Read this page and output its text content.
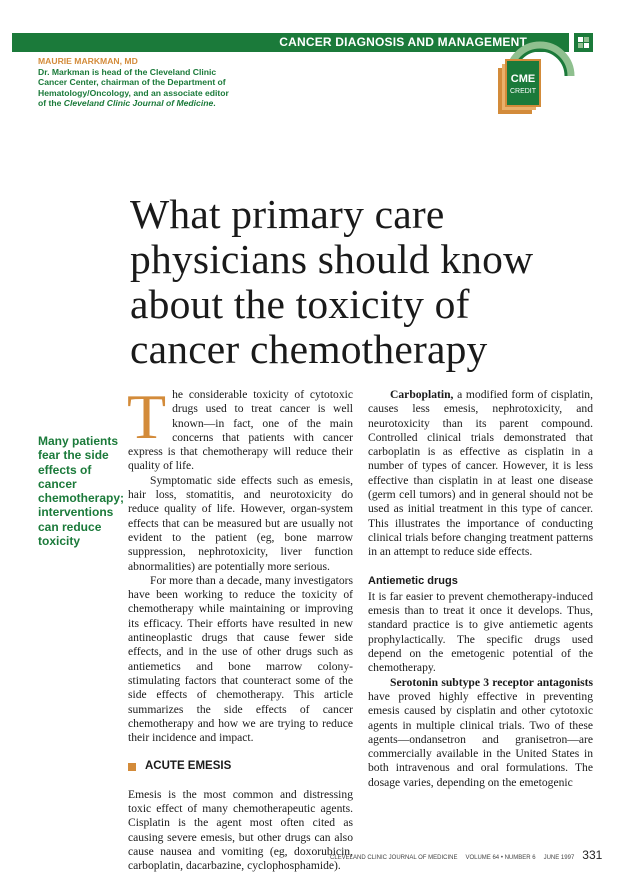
CANCER DIAGNOSIS AND MANAGEMENT
MAURIE MARKMAN, MD
Dr. Markman is head of the Cleveland Clinic Cancer Center, chairman of the Department of Hematology/Oncology, and an associate editor of the Cleveland Clinic Journal of Medicine.
CME
CREDIT
What primary care physicians should know about the toxicity of cancer chemotherapy
Many patients fear the side effects of cancer chemotherapy; interventions can reduce toxicity

The considerable toxicity of cytotoxic drugs used to treat cancer is well known—in fact, one of the main concerns that patients with cancer express is that chemotherapy will reduce their quality of life.

Symptomatic side effects such as emesis, hair loss, stomatitis, and neurotoxicity do reduce quality of life. However, organ-system effects that can be measured but are usually not evident to the patient (eg, bone marrow suppression, nephrotoxicity, liver function abnormalities) are potentially more serious.

For more than a decade, many investigators have been working to reduce the toxicity of chemotherapy while maintaining or improving its efficacy. Their efforts have resulted in new antineoplastic drugs that cause fewer side effects, and in the use of other drugs such as antiemetics and bone marrow colony-stimulating factors that counteract some of the side effects of chemotherapy. This article summarizes the side effects of cancer chemotherapy and how we are trying to reduce their incidence and impact.

ACUTE EMESIS

Emesis is the most common and distressing toxic effect of many chemotherapeutic agents. Cisplatin is the agent most often cited as causing severe emesis, but other drugs can also cause nausea and vomiting (eg, doxorubicin, carboplatin, dacarbazine, cyclophosphamide).

Carboplatin, a modified form of cisplatin, causes less emesis, nephrotoxicity, and neurotoxicity than its parent compound. Controlled clinical trials demonstrated that carboplatin is as effective as cisplatin in a number of types of cancer. However, it is less effective than cisplatin in at least one disease (germ cell tumors) and in general should not be used as initial treatment in this type of cancer. This illustrates the importance of conducting clinical trials before changing treatment patterns in an attempt to reduce side effects.

Antiemetic drugs

It is far easier to prevent chemotherapy-induced emesis than to treat it once it develops. Thus, standard practice is to give antiemetic agents prophylactically. The specific drugs used depend on the emetogenic potential of the chemotherapy.

Serotonin subtype 3 receptor antagonists have proved highly effective in preventing emesis caused by cisplatin and other cytotoxic agents in multiple clinical trials. Two of these agents—ondansetron and granisetron—are commercially available in the United States in both intravenous and oral formulations. The dosage varies, depending on the emetogenic

CLEVELAND CLINIC JOURNAL OF MEDICINE VOLUME 64 • NUMBER 6 JUNE 1997 331
